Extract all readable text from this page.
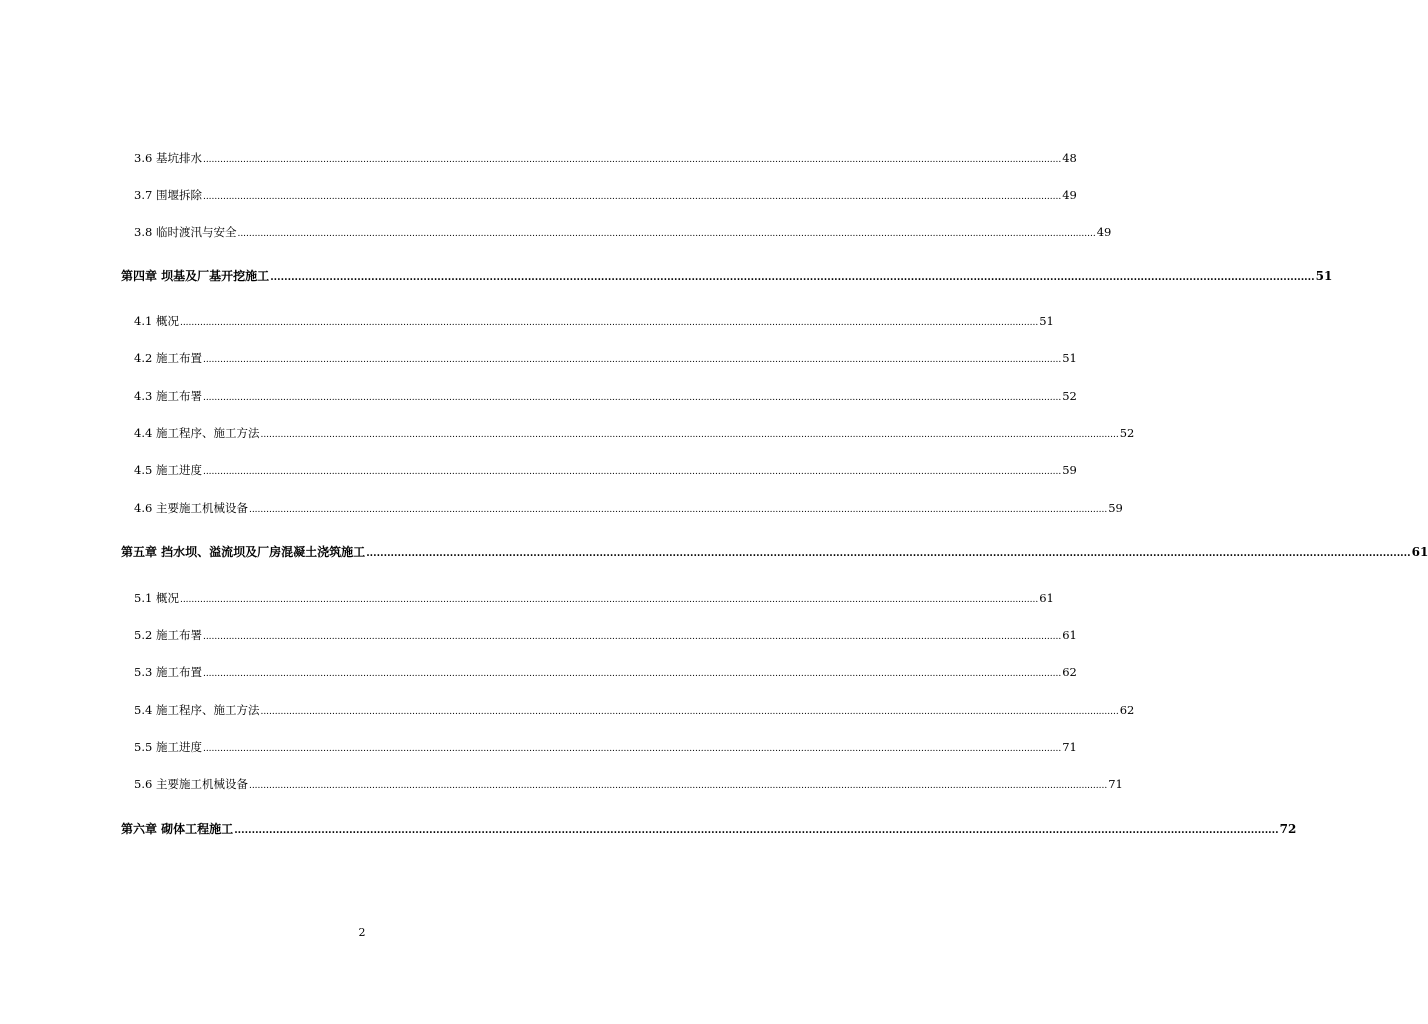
3.6 基坑排水 ............................................................................................................................................................................................................................................................................................................ 48
3.7 围堰拆除 ............................................................................................................................................................................................................................................................................................................ 49
3.8 临时渡汛与安全 ............................................................................................................................................................................................................................................................................................................ 49
第四章 坝基及厂基开挖施工 ............................................................................................................................................................................................................................................................................................................ 51
4.1 概况 ............................................................................................................................................................................................................................................................................................................ 51
4.2 施工布置 ............................................................................................................................................................................................................................................................................................................ 51
4.3 施工布署 ............................................................................................................................................................................................................................................................................................................ 52
4.4 施工程序、施工方法 ............................................................................................................................................................................................................................................................................................................ 52
4.5 施工进度 ............................................................................................................................................................................................................................................................................................................ 59
4.6 主要施工机械设备 ............................................................................................................................................................................................................................................................................................................ 59
第五章 挡水坝、溢流坝及厂房混凝土浇筑施工 ............................................................................................................................................................................................................................................................................................................ 61
5.1 概况 ............................................................................................................................................................................................................................................................................................................ 61
5.2 施工布署 ............................................................................................................................................................................................................................................................................................................ 61
5.3 施工布置 ............................................................................................................................................................................................................................................................................................................ 62
5.4 施工程序、施工方法 ............................................................................................................................................................................................................................................................................................................ 62
5.5 施工进度 ............................................................................................................................................................................................................................................................................................................ 71
5.6 主要施工机械设备 ............................................................................................................................................................................................................................................................................................................ 71
第六章 砌体工程施工 ............................................................................................................................................................................................................................................................................................................ 72
2
